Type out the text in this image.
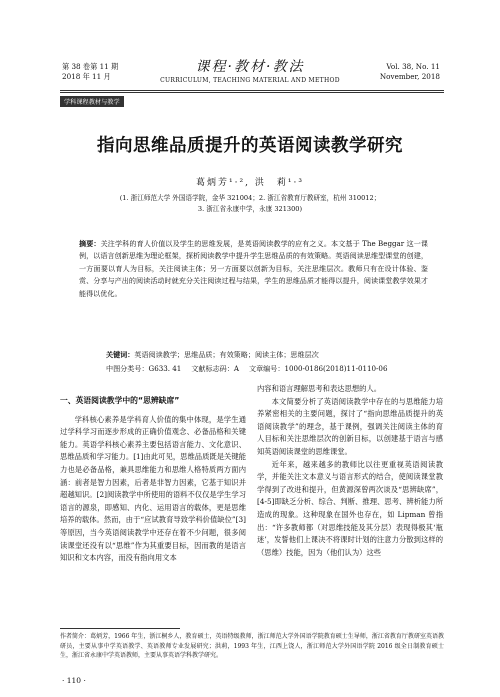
第 38 卷第 11 期
2018 年 11 月
课程·教材·教法
CURRICULUM, TEACHING MATERIAL AND METHOD
Vol. 38, No. 11
November, 2018
学科课程教材与教学
指向思维品质提升的英语阅读教学研究
葛炳芳¹·², 洪　莉¹·³
(1. 浙江师范大学 外国语学院，金华 321004；2. 浙江省教育厅教研室，杭州 310012；
3. 浙江省永康中学，永康 321300)
摘要：关注学科的育人价值以及学生的思维发展，是英语阅读教学的应有之义。本文基于 The Beggar 这一课例，以语言创新思维为理论框架，探析阅读教学中提升学生思维品质的有效策略。英语阅读思维型课堂的创建，一方面要以育人为目标，关注阅读主体；另一方面要以创新为目标，关注思维层次。教师只有在设计体验、鉴赏、分享与产出的阅读活动时就充分关注阅读过程与结果，学生的思维品质才能得以提升，阅读课堂教学效果才能得以优化。
关键词：英语阅读教学；思维品质；有效策略；阅读主体；思维层次
中图分类号：G633. 41 文献标志码：A 文章编号：1000-0186(2018)11-0110-06
一、英语阅读教学中的“思辨缺席”

学科核心素养是学科育人价值的集中体现，是学生通过学科学习而逐步形成的正确价值观念、必备品格和关键能力。英语学科核心素养主要包括语言能力、文化意识、思维品质和学习能力。[1]由此可见，思维品质既是关键能力也是必备品格，兼具思维能力和思维人格特质两方面内涵：前者是智力因素，后者是非智力因素，它基于知识并超越知识。[2]阅读教学中所使用的语料不仅仅是学生学习语言的源泉，即感知、内化、运用语言的载体，更是思维培养的载体。然而，由于“应试教育导致学科价值缺位”[3]等原因，当今英语阅读教学中还存在着不少问题，很多阅读课堂还没有以“思维”作为其重要目标，因而教的是语言知识和文本内容，而没有指向用文本

内容和语言理解思考和表达思想的人。

本文简要分析了英语阅读教学中存在的与思维能力培养紧密相关的主要问题，探讨了“指向思维品质提升的英语阅读教学”的理念，基于课例，强调关注阅读主体的育人目标和关注思维层次的创新目标，以创建基于语言与感知英语阅读课堂的思维课堂。

近年来，越来越多的教师比以往更重视英语阅读教学，并能关注文本意义与语言形式的结合，使阅读课堂教学得到了改进和提升，但黄源深曾两次谈及“思辨缺席”，[4-5]即缺乏分析、综合、判断、推理、思考、辨析能力所造成的现象。这种现象在国外也存在，如 Lipman 曾指出：“许多教师都（对思维技能及其分层）表现得极其‘瓶迷’，发誓他们上课决不将课时计划的注意力分散到这样的（思维）技能，因为（他们认为）这些

作者简介：葛炳芳，1966 年生，浙江桐乡人，教育硕士，英语特级教师，浙江师范大学外国语学院教育硕士生导师，浙江省教育厅教研室英语教研员，主要从事中学英语教学、英语教师专业发展研究；洪莉，1993 年生，江西上饶人，浙江师范大学外国语学院 2016 级全日制教育硕士生，浙江省永康中学英语教师，主要从事英语学科教学研究。
· 110 ·
